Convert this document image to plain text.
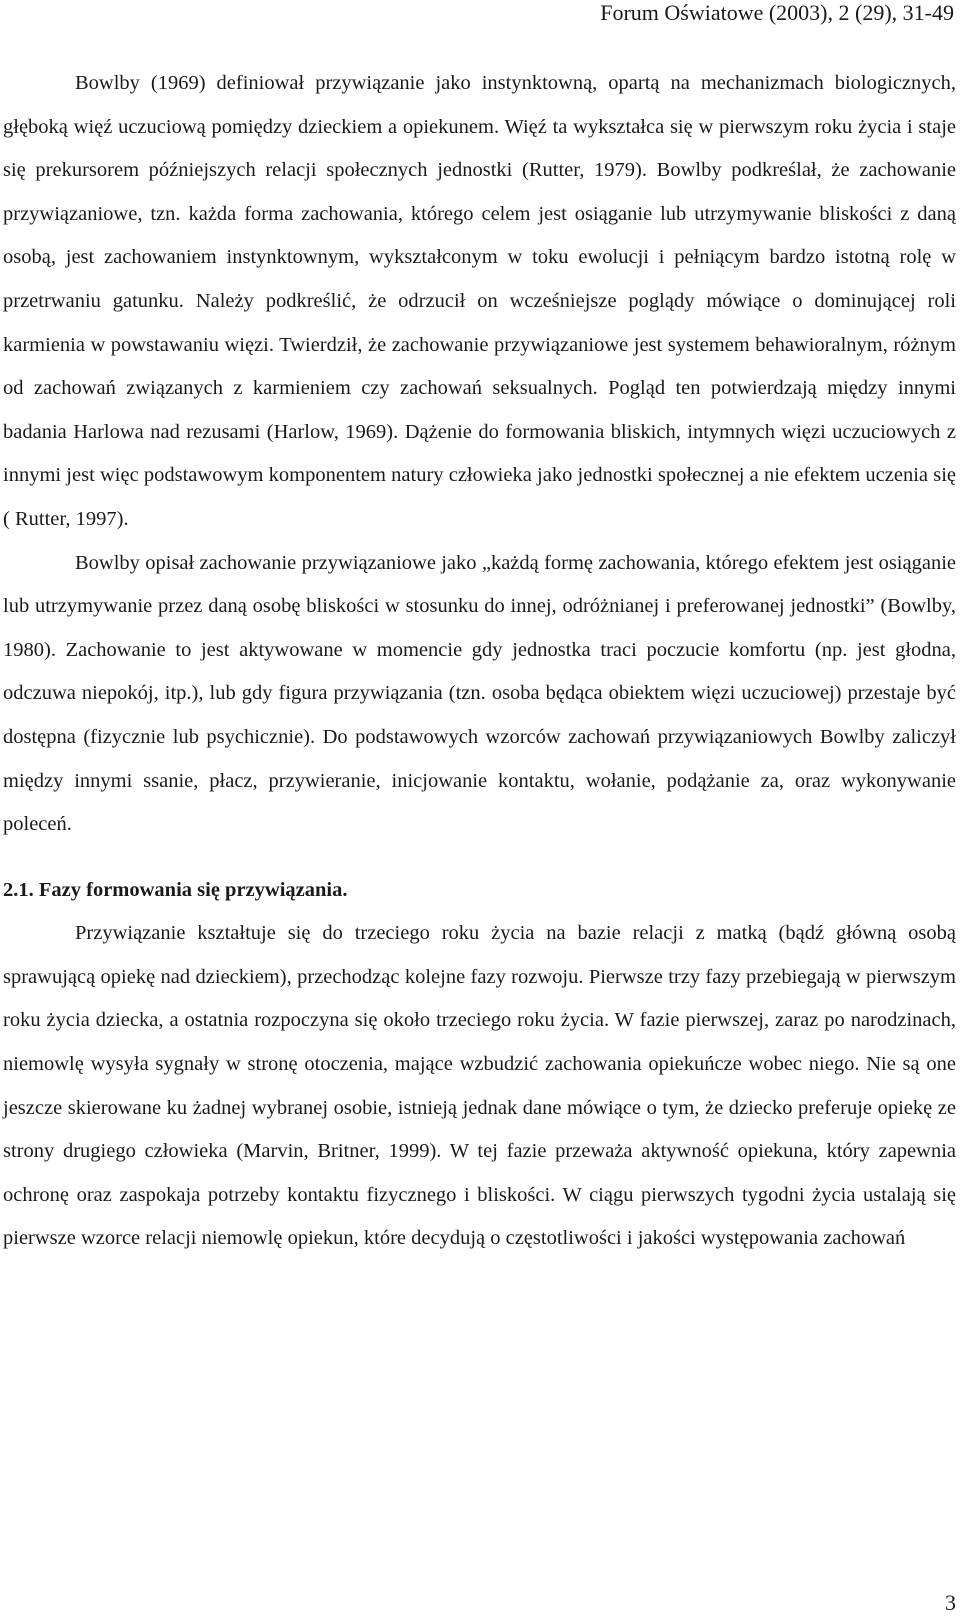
Forum Oświatowe (2003), 2 (29), 31-49

Bowlby (1969) definiował przywiązanie jako instynktowną, opartą na mechanizmach biologicznych, głęboką więź uczuciową pomiędzy dzieckiem a opiekunem. Więź ta wykształca się w pierwszym roku życia i staje się prekursorem późniejszych relacji społecznych jednostki (Rutter, 1979). Bowlby podkreślał, że zachowanie przywiązaniowe, tzn. każda forma zachowania, którego celem jest osiąganie lub utrzymywanie bliskości z daną osobą, jest zachowaniem instynktownym, wykształconym w toku ewolucji i pełniącym bardzo istotną rolę w przetrwaniu gatunku. Należy podkreślić, że odrzucił on wcześniejsze poglądy mówiące o dominującej roli karmienia w powstawaniu więzi. Twierdził, że zachowanie przywiązaniowe jest systemem behawioralnym, różnym od zachowań związanych z karmieniem czy zachowań seksualnych. Pogląd ten potwierdzają między innymi badania Harlowa nad rezusami (Harlow, 1969). Dążenie do formowania bliskich, intymnych więzi uczuciowych z innymi jest więc podstawowym komponentem natury człowieka jako jednostki społecznej a nie efektem uczenia się ( Rutter, 1997).

Bowlby opisał zachowanie przywiązaniowe jako „każdą formę zachowania, którego efektem jest osiąganie lub utrzymywanie przez daną osobę bliskości w stosunku do innej, odróżnianej i preferowanej jednostki” (Bowlby, 1980). Zachowanie to jest aktywowane w momencie gdy jednostka traci poczucie komfortu (np. jest głodna, odczuwa niepokój, itp.), lub gdy figura przywiązania (tzn. osoba będąca obiektem więzi uczuciowej) przestaje być dostępna (fizycznie lub psychicznie). Do podstawowych wzorców zachowań przywiązaniowych Bowlby zaliczył między innymi ssanie, płacz, przywieranie, inicjowanie kontaktu, wołanie, podążanie za, oraz wykonywanie poleceń.

2.1. Fazy formowania się przywiązania.

Przywiązanie kształtuje się do trzeciego roku życia na bazie relacji z matką (bądź główną osobą sprawującą opiekę nad dzieckiem), przechodząc kolejne fazy rozwoju. Pierwsze trzy fazy przebiegają w pierwszym roku życia dziecka, a ostatnia rozpoczyna się około trzeciego roku życia. W fazie pierwszej, zaraz po narodzinach, niemowlę wysyła sygnały w stronę otoczenia, mające wzbudzić zachowania opiekuńcze wobec niego. Nie są one jeszcze skierowane ku żadnej wybranej osobie, istnieją jednak dane mówiące o tym, że dziecko preferuje opiekę ze strony drugiego człowieka (Marvin, Britner, 1999). W tej fazie przeważa aktywność opiekuna, który zapewnia ochronę oraz zaspokaja potrzeby kontaktu fizycznego i bliskości. W ciągu pierwszych tygodni życia ustalają się pierwsze wzorce relacji niemowlę opiekun, które decydują o częstotliwości i jakości występowania zachowań

3
